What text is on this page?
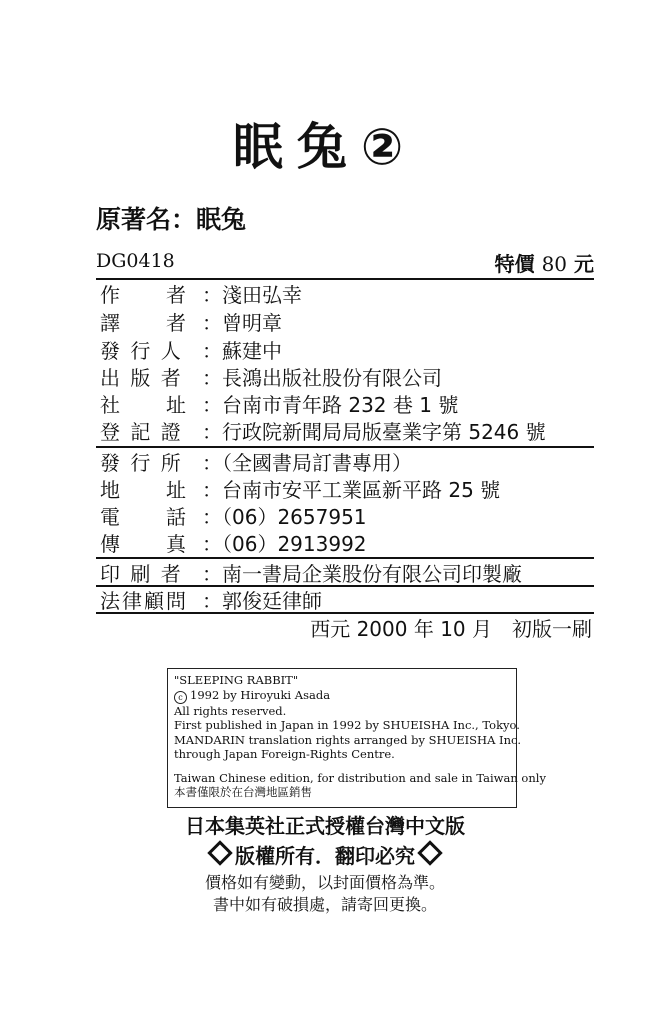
眠兔②
原著名：眠兔
DG0418	特價 80 元
作　　者 ：淺田弘幸
譯　　者 ：曾明章
發 行 人 ：蘇建中
出 版 者 ：長鴻出版社股份有限公司
社　　址 ：台南市青年路 232 巷 1 號
登 記 證 ：行政院新聞局局版臺業字第 5246 號
發 行 所 ：（全國書局訂書專用）
地　　址 ：台南市安平工業區新平路 25 號
電　　話 ：（06）2657951
傳　　真 ：（06）2913992
印 刷 者 ：南一書局企業股份有限公司印製廠
法律顧問 ：郭俊廷律師
西元 2000 年 10 月　初版一刷
"SLEEPING RABBIT"
c 1992 by Hiroyuki Asada
All rights reserved.
First published in Japan in 1992 by SHUEISHA Inc., Tokyo.
MANDARIN translation rights arranged by SHUEISHA Inc.
through Japan Foreign-Rights Centre.
Taiwan Chinese edition, for distribution and sale in Taiwan only
本書僅限於在台灣地區銷售
日本集英社正式授權台灣中文版
版權所有．翻印必究
價格如有變動，以封面價格為準。
書中如有破損處，請寄回更換。
